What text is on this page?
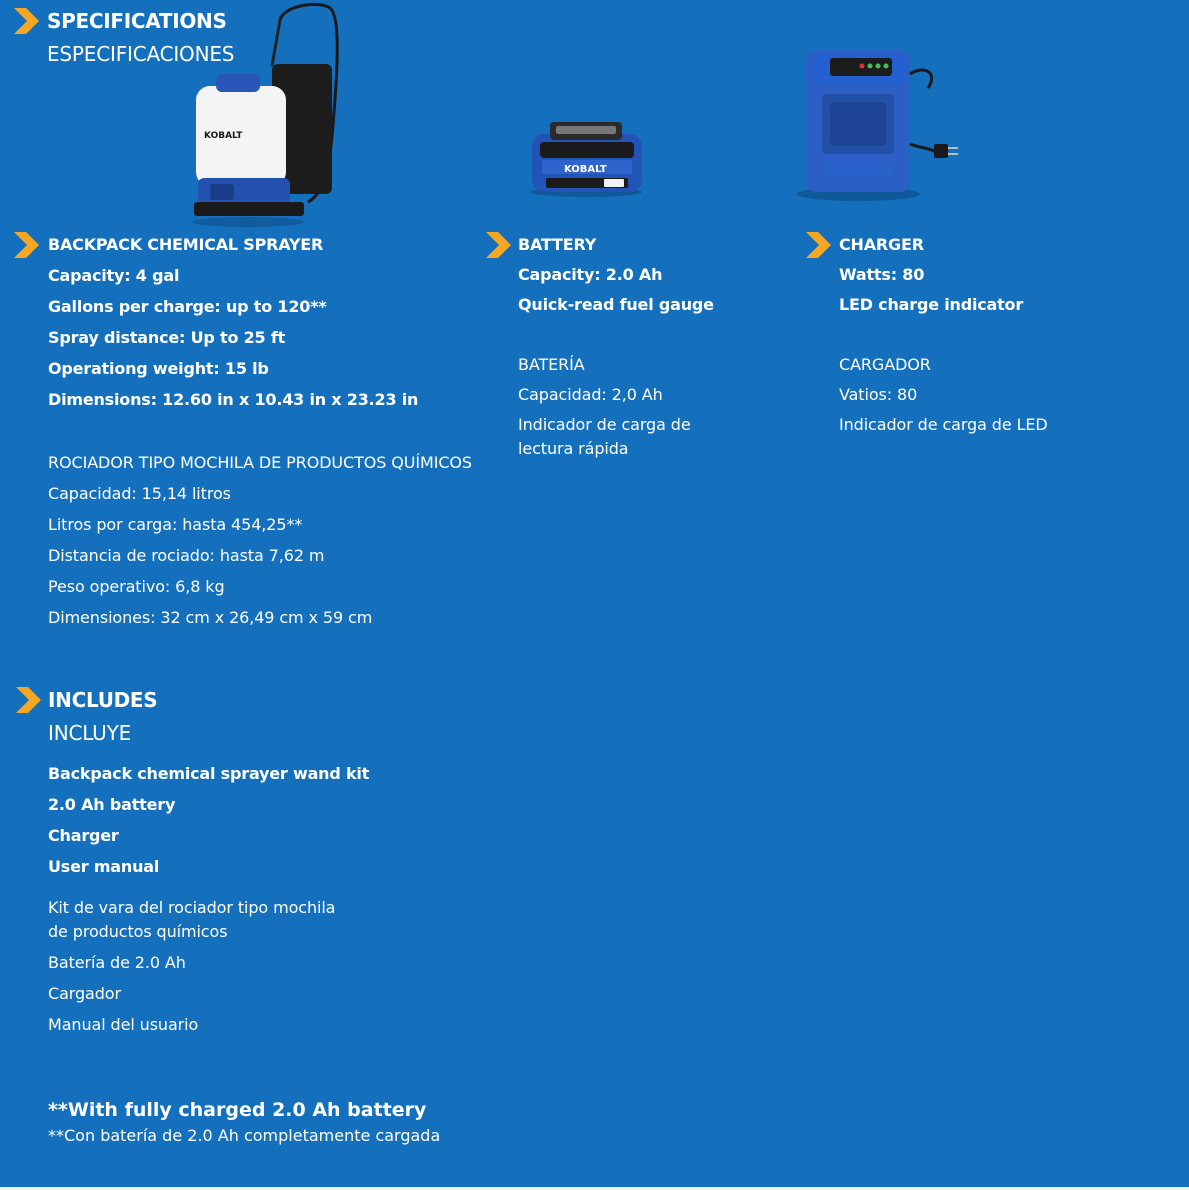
SPECIFICATIONS
ESPECIFICACIONES
KOBALT
KOBALT
BACKPACK CHEMICAL SPRAYER
Capacity: 4 gal
Gallons per charge: up to 120**
Spray distance: Up to 25 ft
Operationg weight: 15 lb
Dimensions: 12.60 in x 10.43 in x 23.23 in
ROCIADOR TIPO MOCHILA DE PRODUCTOS QUÍMICOS
Capacidad: 15,14 litros
Litros por carga: hasta 454,25**
Distancia de rociado: hasta 7,62 m
Peso operativo: 6,8 kg
Dimensiones: 32 cm x 26,49 cm x 59 cm
BATTERY
Capacity: 2.0 Ah
Quick-read fuel gauge
BATERÍA
Capacidad: 2,0 Ah
Indicador de carga de
lectura rápida
CHARGER
Watts: 80
LED charge indicator
CARGADOR
Vatios: 80
Indicador de carga de LED
INCLUDES
INCLUYE
Backpack chemical sprayer wand kit
2.0 Ah battery
Charger
User manual
Kit de vara del rociador tipo mochila
de productos químicos
Batería de 2.0 Ah
Cargador
Manual del usuario
**With fully charged 2.0 Ah battery
**Con batería de 2.0 Ah completamente cargada
